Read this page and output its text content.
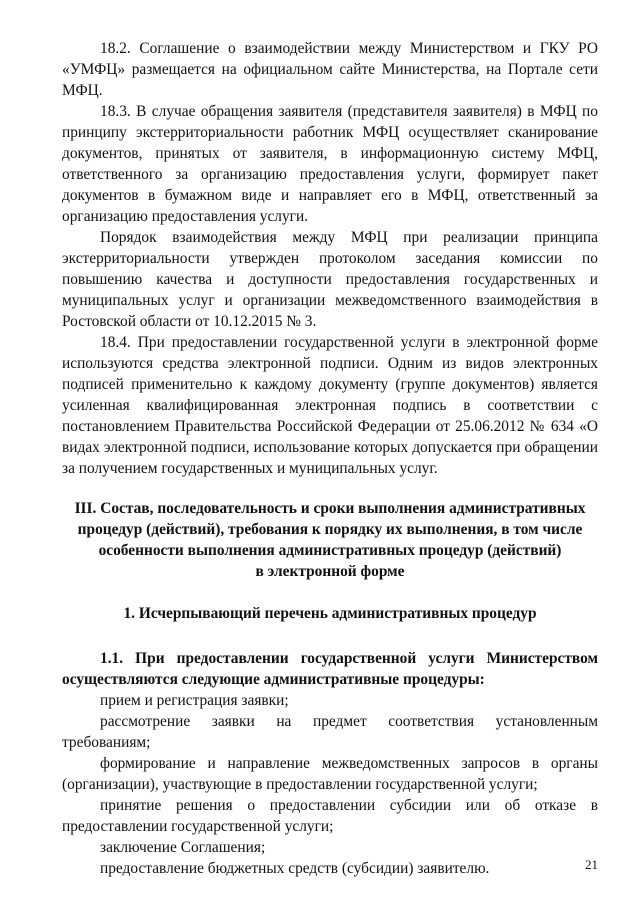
18.2. Соглашение о взаимодействии между Министерством и ГКУ РО «УМФЦ» размещается на официальном сайте Министерства, на Портале сети МФЦ.

18.3. В случае обращения заявителя (представителя заявителя) в МФЦ по принципу экстерриториальности работник МФЦ осуществляет сканирование документов, принятых от заявителя, в информационную систему МФЦ, ответственного за организацию предоставления услуги, формирует пакет документов в бумажном виде и направляет его в МФЦ, ответственный за организацию предоставления услуги.

Порядок взаимодействия между МФЦ при реализации принципа экстерриториальности утвержден протоколом заседания комиссии по повышению качества и доступности предоставления государственных и муниципальных услуг и организации межведомственного взаимодействия в Ростовской области от 10.12.2015 № 3.

18.4. При предоставлении государственной услуги в электронной форме используются средства электронной подписи. Одним из видов электронных подписей применительно к каждому документу (группе документов) является усиленная квалифицированная электронная подпись в соответствии с постановлением Правительства Российской Федерации от 25.06.2012 № 634 «О видах электронной подписи, использование которых допускается при обращении за получением государственных и муниципальных услуг.

III. Состав, последовательность и сроки выполнения административных

процедур (действий), требования к порядку их выполнения, в том числе

особенности выполнения административных процедур (действий)

в электронной форме

1. Исчерпывающий перечень административных процедур

1.1. При предоставлении государственной услуги Министерством осуществляются следующие административные процедуры:

прием и регистрация заявки;

рассмотрение заявки на предмет соответствия установленным требованиям;

формирование и направление межведомственных запросов в органы (организации), участвующие в предоставлении государственной услуги;

принятие решения о предоставлении субсидии или об отказе в предоставлении государственной услуги;

заключение Соглашения;

предоставление бюджетных средств (субсидии) заявителю.	21
